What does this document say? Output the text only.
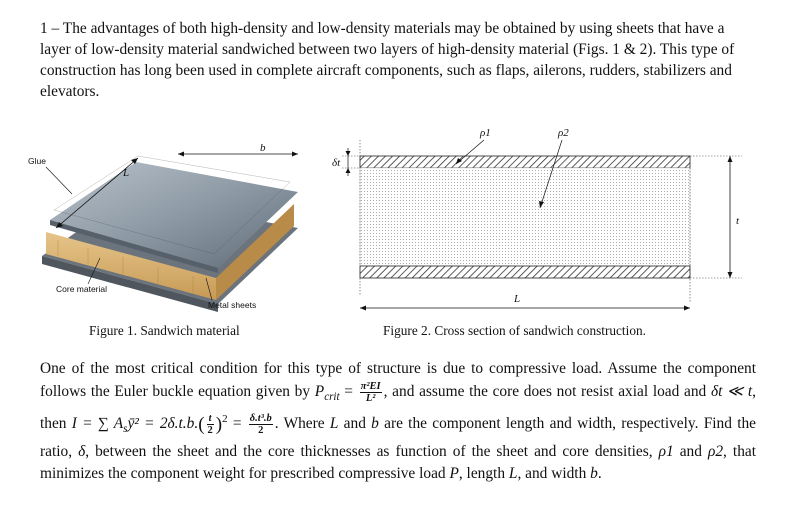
1 – The advantages of both high-density and low-density materials may be obtained by using sheets that have a layer of low-density material sandwiched between two layers of high-density material (Figs. 1 & 2). This type of construction has long been used in complete aircraft components, such as flaps, ailerons, rudders, stabilizers and elevators.
b
L
Glue
Core material
Metal sheets
Figure 1. Sandwich material
δt
t
L
ρ1	ρ2
Figure 2. Cross section of sandwich construction.
One of the most critical condition for this type of structure is due to compressive load. Assume the component follows the Euler buckle equation given by $P_{crit} = \frac{\text{π²EI}}{\text{L²}}$ , and assume the core does not resist axial load and δt ≪ t, then I = ∑ $A_sȳ^2 = 2\delta.t.b.( \frac{t}{2} )^2 = \frac{\text{δ.t³.b}}{2}$ . Where L and b are the component length and width, respectively. Find the ratio, δ, between the sheet and the core thicknesses as function of the sheet and core densities, ρ1 and ρ2, that minimizes the component weight for prescribed compressive load P, length L, and width b.
